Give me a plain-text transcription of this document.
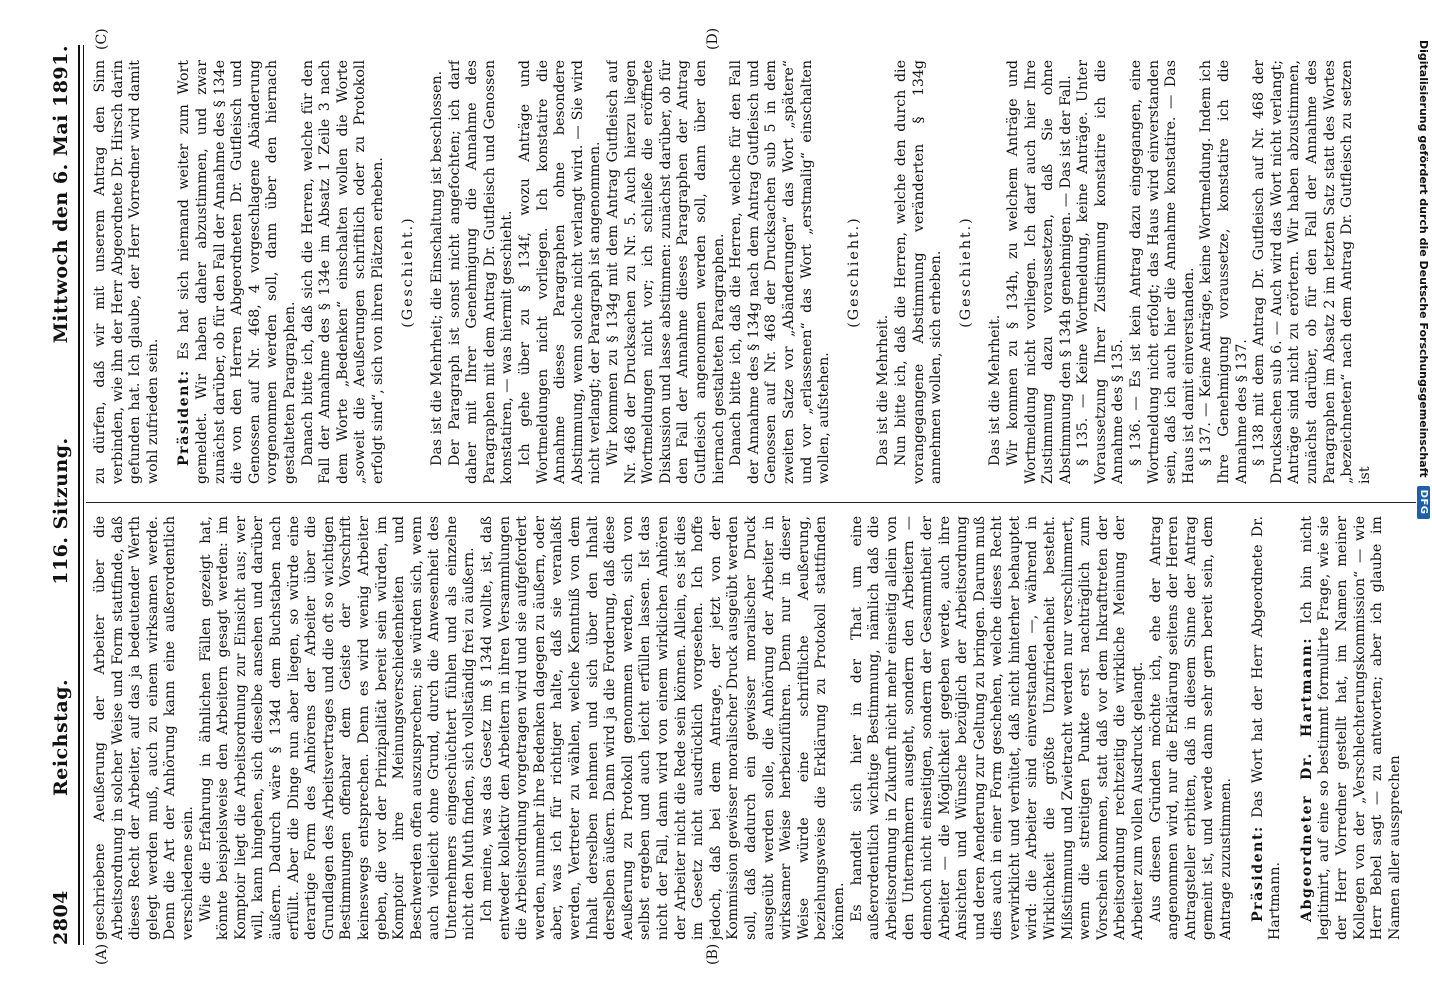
2804
Reichstag.
116. Sitzung.
Mittwoch den 6. Mai 1891.
(A)	(B)
(C)	(D)

geschriebene Aeußerung der Arbeiter über die Arbeitsordnung in solcher Weise und Form stattfinde, daß dieses Recht der Arbeiter, auf das ja bedeutender Werth gelegt werden muß, auch zu einem wirksamen werde. Denn die Art der Anhörung kann eine außerordentlich verschiedene sein. Wie die Erfahrung in ähnlichen Fällen gezeigt hat, könnte beispielsweise den Arbeitern gesagt werden: im Komptoir liegt die Arbeitsordnung zur Einsicht aus; wer will, kann hingehen, sich dieselbe ansehen und darüber äußern. Dadurch wäre § 134d dem Buchstaben nach erfüllt. Aber die Dinge nun aber liegen, so würde eine derartige Form des Anhörens der Arbeiter über die Grundlagen des Arbeitsvertrages und die oft so wichtigen Bestimmungen offenbar dem Geiste der Vorschrift keineswegs entsprechen. Denn es wird wenig Arbeiter geben, die vor der Prinzipalität bereit sein würden, im Komptoir ihre Meinungsverschiedenheiten und Beschwerden offen auszusprechen; sie würden sich, wenn auch vielleicht ohne Grund, durch die Anwesenheit des Unternehmers eingeschüchtert fühlen und als einzelne nicht den Muth finden, sich vollständig frei zu äußern. Ich meine, was das Gesetz im § 134d wollte, ist, daß entweder kollektiv den Arbeitern in ihren Versammlungen die Arbeitsordnung vorgetragen wird und sie aufgefordert werden, nunmehr ihre Bedenken dagegen zu äußern, oder aber, was ich für richtiger halte, daß sie veranlaßt werden, Vertreter zu wählen, welche Kenntniß von dem Inhalt derselben nehmen und sich über den Inhalt derselben äußern. Dann wird ja die Forderung, daß diese Aeußerung zu Protokoll genommen werden, sich von selbst ergeben und auch leicht erfüllen lassen. Ist das nicht der Fall, dann wird von einem wirklichen Anhören der Arbeiter nicht die Rede sein können. Allein, es ist dies im Gesetz nicht ausdrücklich vorgesehen. Ich hoffe jedoch, daß bei dem Antrage, der jetzt von der Kommission gewisser moralischer Druck ausgeübt werden soll, daß dadurch ein gewisser moralischer Druck ausgeübt werden solle, die Anhörung der Arbeiter in wirksamer Weise herbeizuführen. Denn nur in dieser Weise würde eine schriftliche Aeußerung, beziehungsweise die Erklärung zu Protokoll stattfinden können. Es handelt sich hier in der That um eine außerordentlich wichtige Bestimmung, nämlich daß die Arbeitsordnung in Zukunft nicht mehr einseitig allein von den Unternehmern ausgeht, sondern den Arbeitern — dennoch nicht einseitigen, sondern der Gesammtheit der Arbeiter — die Möglichkeit gegeben werde, auch ihre Ansichten und Wünsche bezüglich der Arbeitsordnung und deren Aenderung zur Geltung zu bringen. Darum muß dies auch in einer Form geschehen, welche dieses Recht verwirklicht und verhütet, daß nicht hinterher behauptet wird: die Arbeiter sind einverstanden —, während in Wirklichkeit die größte Unzufriedenheit besteht. Mißstimmung und Zwietracht werden nur verschlimmert, wenn die streitigen Punkte erst nachträglich zum Vorschein kommen, statt daß vor dem Inkrafttreten der Arbeitsordnung rechtzeitig die wirkliche Meinung der Arbeiter zum vollen Ausdruck gelangt. Aus diesen Gründen möchte ich, ehe der Antrag angenommen wird, nur die Erklärung seitens der Herren Antragsteller erbitten, daß in diesem Sinne der Antrag gemeint ist, und werde dann sehr gern bereit sein, dem Antrage zuzustimmen. Präsident: Das Wort hat der Herr Abgeordnete Dr. Hartmann. Abgeordneter Dr. Hartmann: Ich bin nicht legitimirt, auf eine so bestimmt formulirte Frage, wie sie der Herr Vorredner gestellt hat, im Namen meiner Kollegen von der „Verschlechterungskommission“ — wie Herr Bebel sagt — zu antworten; aber ich glaube im Namen aller aussprechen

zu dürfen, daß wir mit unserem Antrag den Sinn verbinden, wie ihn der Herr Abgeordnete Dr. Hirsch darin gefunden hat. Ich glaube, der Herr Vorredner wird damit wohl zufrieden sein. Präsident: Es hat sich niemand weiter zum Wort gemeldet. Wir haben daher abzustimmen, und zwar zunächst darüber, ob für den Fall der Annahme des § 134e die von den Herren Abgeordneten Dr. Gutfleisch und Genossen auf Nr. 468, 4 vorgeschlagene Abänderung vorgenommen werden soll, dann über den hiernach gestalteten Paragraphen. Danach bitte ich, daß sich die Herren, welche für den Fall der Annahme des § 134e im Absatz 1 Zeile 3 nach dem Worte „Bedenken“ einschalten wollen die Worte „soweit die Aeußerungen schriftlich oder zu Protokoll erfolgt sind“, sich von ihren Plätzen erheben. (Geschieht.) Das ist die Mehrheit; die Einschaltung ist beschlossen. Der Paragraph ist sonst nicht angefochten; ich darf daher mit Ihrer Genehmigung die Annahme des Paragraphen mit dem Antrag Dr. Gutfleisch und Genossen konstatiren, — was hiermit geschieht. Ich gehe über zu § 134f, wozu Anträge und Wortmeldungen nicht vorliegen. Ich konstatire die Annahme dieses Paragraphen ohne besondere Abstimmung, wenn solche nicht verlangt wird. — Sie wird nicht verlangt; der Paragraph ist angenommen. Wir kommen zu § 134g mit dem Antrag Gutfleisch auf Nr. 468 der Drucksachen zu Nr. 5. Auch hierzu liegen Wortmeldungen nicht vor; ich schließe die eröffnete Diskussion und lasse abstimmen: zunächst darüber, ob für den Fall der Annahme dieses Paragraphen der Antrag Gutfleisch angenommen werden soll, dann über den hiernach gestalteten Paragraphen. Danach bitte ich, daß die Herren, welche für den Fall der Annahme des § 134g nach dem Antrag Gutfleisch und Genossen auf Nr. 468 der Drucksachen sub 5 in dem zweiten Satze vor „Abänderungen“ das Wort „spätere“ und vor „erlassenen“ das Wort „erstmalig“ einschalten wollen, aufstehen.

(Geschieht.)

Das ist die Mehrheit. Nun bitte ich, daß die Herren, welche den durch die vorangegangene Abstimmung veränderten § 134g annehmen wollen, sich erheben. (Geschieht.)

Das ist die Mehrheit. Wir kommen zu § 134h, zu welchem Anträge und Wortmeldung nicht vorliegen. Ich darf auch hier Ihre Zustimmung dazu voraussetzen, daß Sie ohne Abstimmung den § 134h genehmigen. — Das ist der Fall. § 135. — Keine Wortmeldung, keine Anträge. Unter Voraussetzung Ihrer Zustimmung konstatire ich die Annahme des § 135. § 136. — Es ist kein Antrag dazu eingegangen, eine Wortmeldung nicht erfolgt; das Haus wird einverstanden sein, daß ich auch hier die Annahme konstatire. — Das Haus ist damit einverstanden. § 137. — Keine Anträge, keine Wortmeldung. Indem ich Ihre Genehmigung voraussetze, konstatire ich die Annahme des § 137. § 138 mit dem Antrag Dr. Gutfleisch auf Nr. 468 der Drucksachen sub 6. — Auch wird das Wort nicht verlangt; Anträge sind nicht zu erörtern. Wir haben abzustimmen, zunächst darüber, ob für den Fall der Annahme des Paragraphen im Absatz 2 im letzten Satz statt des Wortes „bezeichneten“ nach dem Antrag Dr. Gutfleisch zu setzen ist	Digitalisierung gefördert durch die Deutsche Forschungsgemeinschaft
DFG
